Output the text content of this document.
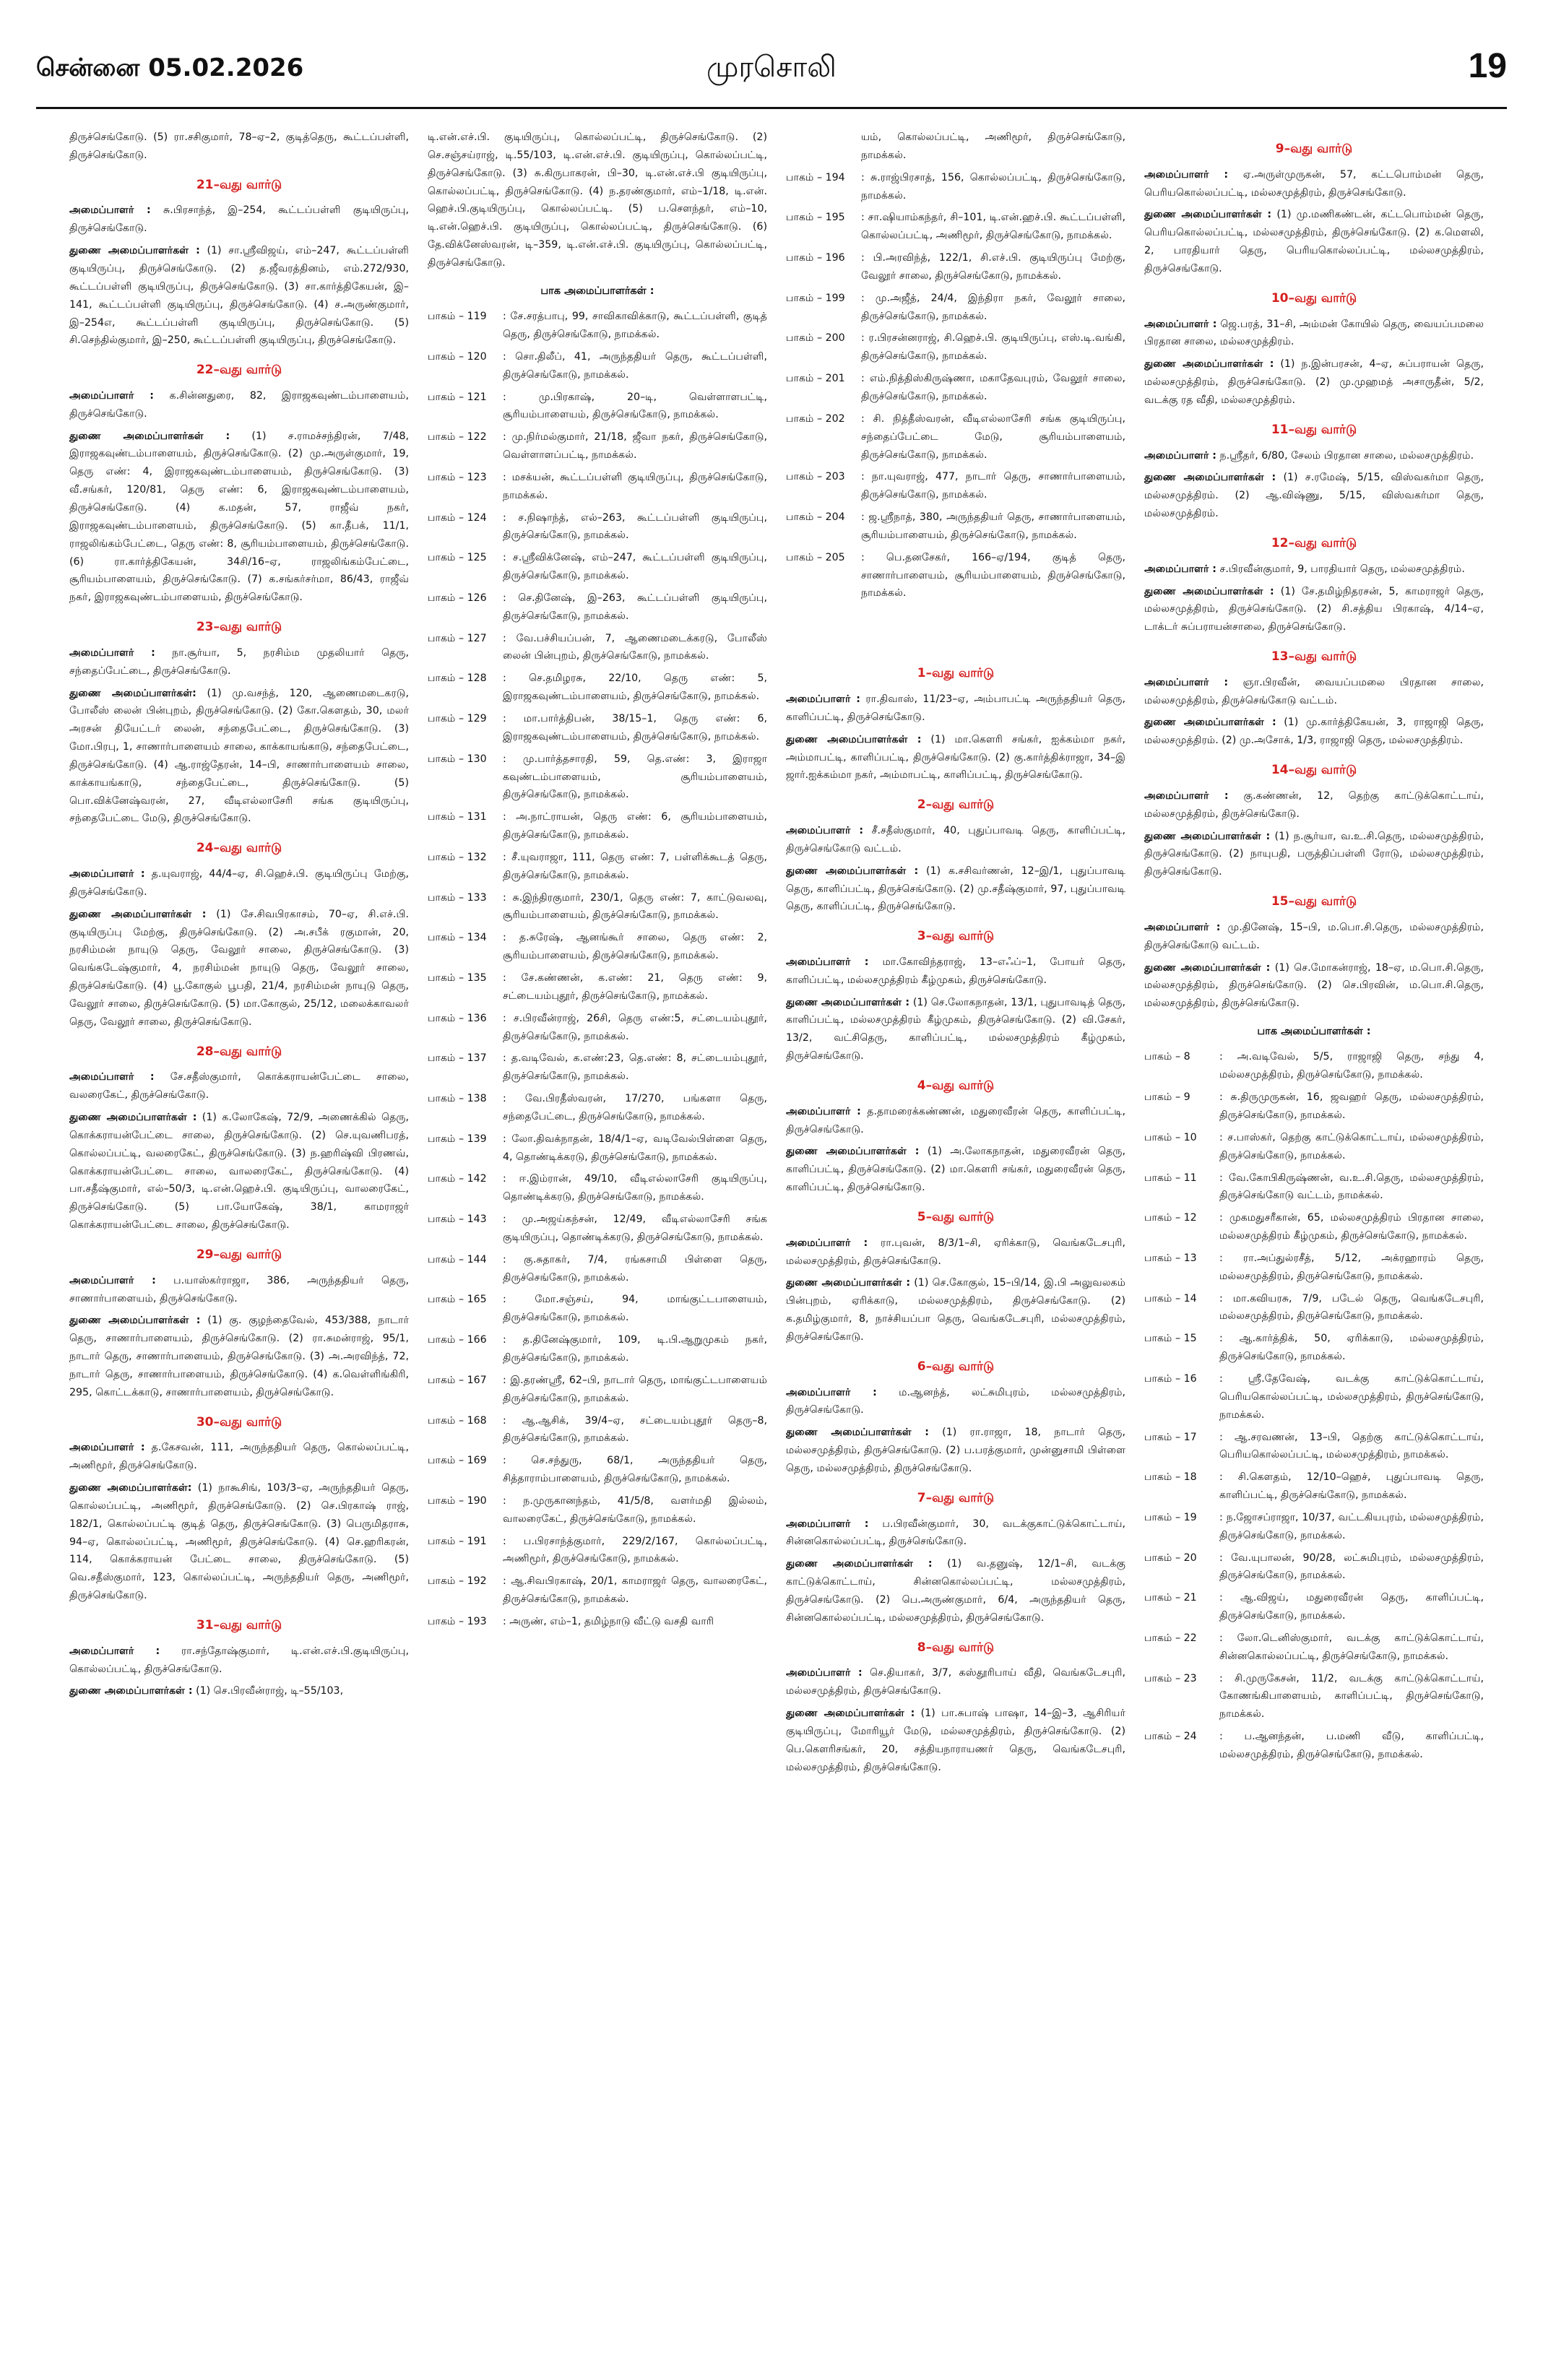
சென்னை 05.02.2026	முரசொலி	19

திருச்செங்கோடு. (5) ரா.சசிகுமார், 78–ஏ–2, குடித்தெரு, கூட்டப்பள்ளி, திருச்செங்கோடு.

21–வது வார்டு

அமைப்பாளர் : சு.பிரசாந்த், இ–254, கூட்டப்பள்ளி குடியிருப்பு, திருச்செங்கோடு.

துணை அமைப்பாளர்கள் : (1) சா.ஸ்ரீவிஜய், எம்–247, கூட்டப்பள்ளி குடியிருப்பு, திருச்செங்கோடு. (2) த.ஜீவரத்தினம், எம்.272/930, கூட்டப்பள்ளி குடியிருப்பு, திருச்செங்கோடு. (3) சா.கார்த்திகேயன், இ–141, கூட்டப்பள்ளி குடியிருப்பு, திருச்செங்கோடு. (4) ச.அருண்குமார், இ–254எ, கூட்டப்பள்ளி குடியிருப்பு, திருச்செங்கோடு. (5) சி.செந்தில்குமார், இ–250, கூட்டப்பள்ளி குடியிருப்பு, திருச்செங்கோடு.

22–வது வார்டு

அமைப்பாளர் : க.சின்னதுரை, 82, இராஜகவுண்டம்பாளையம், திருச்செங்கோடு.

துணை அமைப்பாளர்கள் : (1) ச.ராமச்சந்திரன், 7/48, இராஜகவுண்டம்பாளையம், திருச்செங்கோடு. (2) மு.அருள்குமார், 19, தெரு எண்: 4, இராஜகவுண்டம்பாளையம், திருச்செங்கோடு. (3) வீ.சங்கர், 120/81, தெரு எண்: 6, இராஜகவுண்டம்பாளையம், திருச்செங்கோடு. (4) க.மதன், 57, ராஜீவ் நகர், இராஜகவுண்டம்பாளையம், திருச்செங்கோடு. (5) கா.தீபக், 11/1, ராஜலிங்கம்பேட்டை, தெரு எண்: 8, சூரியம்பாளையம், திருச்செங்கோடு. (6) ரா.கார்த்திகேயன், 34சி/16–ஏ, ராஜலிங்கம்பேட்டை, சூரியம்பாளையம், திருச்செங்கோடு. (7) க.சங்கர்சர்மா, 86/43, ராஜீவ் நகர், இராஜகவுண்டம்பாளையம், திருச்செங்கோடு.

23–வது வார்டு

அமைப்பாளர் : நா.சூர்யா, 5, நரசிம்ம முதலியார் தெரு, சந்தைப்பேட்டை, திருச்செங்கோடு.

துணை அமைப்பாளர்கள்: (1) மு.வசந்த், 120, ஆணைமடைகரடு, போலீஸ் லைன் பின்புறம், திருச்செங்கோடு. (2) கோ.கௌதம், 30, மலர் அரசன் தியேட்டர் லைன், சந்தைபேட்டை, திருச்செங்கோடு. (3) மோ.பிரபு, 1, சாணார்பாளையம் சாலை, காக்காயங்காடு, சந்தைபேட்டை, திருச்செங்கோடு. (4) ஆ.ராஜ்தேரன், 14–பி, சாணார்பாளையம் சாலை, காக்காயங்காடு, சந்தைபேட்டை, திருச்செங்கோடு. (5) பொ.விக்னேஷ்வரன், 27, வீடிஎல்லாசேரி சங்க குடியிருப்பு, சந்தைபேட்டை மேடு, திருச்செங்கோடு.

24–வது வார்டு

அமைப்பாளர் : த.யுவராஜ், 44/4–ஏ, சி.ஹெச்.பி. குடியிருப்பு மேற்கு, திருச்செங்கோடு.

துணை அமைப்பாளர்கள் : (1) சே.சிவபிரகாசம், 70–ஏ, சி.எச்.பி. குடியிருப்பு மேற்கு, திருச்செங்கோடு. (2) அ.சபீக் ரகுமான், 20, நரசிம்மன் நாயுடு தெரு, வேலூர் சாலை, திருச்செங்கோடு. (3) வெங்கடேஷ்குமார், 4, நரசிம்மன் நாயுடு தெரு, வேலூர் சாலை, திருச்செங்கோடு. (4) பூ.கோகுல் பூபதி, 21/4, நரசிம்மன் நாயுடு தெரு, வேலூர் சாலை, திருச்செங்கோடு. (5) மா.கோகுல், 25/12, மலைக்காவலர் தெரு, வேலூர் சாலை, திருச்செங்கோடு.

28–வது வார்டு

அமைப்பாளர் : சே.சதீஸ்குமார், கொக்கராயன்பேட்டை சாலை, வலரைகேட், திருச்செங்கோடு.

துணை அமைப்பாளர்கள் : (1) க.லோகேஷ், 72/9, அணைக்கில் தெரு, கொக்கராயன்பேட்டை சாலை, திருச்செங்கோடு. (2) செ.யுவணிபரத், கொல்லப்பட்டி, வலரைகேட், திருச்செங்கோடு. (3) ந.ஹரிஷ்வி பிரணவ், கொக்கராயன்பேட்டை சாலை, வாலரைகேட், திருச்செங்கோடு. (4) பா.சதீஷ்குமார், எல்–50/3, டி.என்.ஹெச்.பி. குடியிருப்பு, வாலரைகேட், திருச்செங்கோடு. (5) பா.யோகேஷ், 38/1, காமராஜர் கொக்கராயன்பேட்டை சாலை, திருச்செங்கோடு.

29–வது வார்டு

அமைப்பாளர் : ப.யாஸ்கர்ராஜா, 386, அருந்ததியர் தெரு, சாணார்பாளையம், திருச்செங்கோடு.

துணை அமைப்பாளர்கள் : (1) கு. குழந்தைவேல், 453/388, நாடார் தெரு, சாணார்பாளையம், திருச்செங்கோடு. (2) ரா.சுமன்ராஜ், 95/1, நாடார் தெரு, சாணார்பாளையம், திருச்செங்கோடு. (3) அ.அரவிந்த், 72, நாடார் தெரு, சாணார்பாளையம், திருச்செங்கோடு. (4) க.வெள்ளிங்கிரி, 295, கொட்டக்காடு, சாணார்பாளையம், திருச்செங்கோடு.

30–வது வார்டு

அமைப்பாளர் : த.கேசவன், 111, அருந்ததியர் தெரு, கொல்லப்பட்டி, அணிமூர், திருச்செங்கோடு.

துணை அமைப்பாளர்கள்: (1) நாகூசிங், 103/3–ஏ, அருந்ததியர் தெரு, கொல்லப்பட்டி, அணிமூர், திருச்செங்கோடு. (2) செ.பிரகாஷ் ராஜ், 182/1, கொல்லப்பட்டி குடித் தெரு, திருச்செங்கோடு. (3) பெருமிதராசு, 94–ஏ, கொல்லப்பட்டி, அணிமூர், திருச்செங்கோடு. (4) செ.ஹரிகரன், 114, கொக்கராயன் பேட்டை சாலை, திருச்செங்கோடு. (5) வெ.சதீஸ்குமார், 123, கொல்லப்பட்டி, அருந்ததியர் தெரு, அணிமூர், திருச்செங்கோடு.

31–வது வார்டு

அமைப்பாளர் : ரா.சந்தோஷ்குமார், டி.என்.எச்.பி.குடியிருப்பு, கொல்லப்பட்டி, திருச்செங்கோடு.

துணை அமைப்பாளர்கள் : (1) செ.பிரவீன்ராஜ், டி–55/103,

டி.என்.எச்.பி. குடியிருப்பு, கொல்லப்பட்டி, திருச்செங்கோடு. (2) செ.சஞ்சய்ராஜ், டி.55/103, டி.என்.எச்.பி. குடியிருப்பு, கொல்லப்பட்டி, திருச்செங்கோடு. (3) சு.கிருபாகரன், பி–30, டி.என்.எச்.பி குடியிருப்பு, கொல்லப்பட்டி, திருச்செங்கோடு. (4) ந.தரண்குமார், எம்–1/18, டி.என். ஹெச்.பி.குடியிருப்பு, கொல்லப்பட்டி. (5) ப.சௌந்தர், எம்–10, டி.என்.ஹெச்.பி. குடியிருப்பு, கொல்லப்பட்டி, திருச்செங்கோடு. (6) தே.விக்னேஸ்வரன், டி–359, டி.என்.எச்.பி. குடியிருப்பு, கொல்லப்பட்டி, திருச்செங்கோடு.

பாக அமைப்பாளர்கள் :
பாகம் – 119	: சே.சரத்பாபு, 99, சாவிகாவிக்காடு, கூட்டப்பள்ளி, குடித் தெரு, திருச்செங்கோடு, நாமக்கல்.
பாகம் – 120	: சொ.திலீப், 41, அருந்ததியர் தெரு, கூட்டப்பள்ளி, திருச்செங்கோடு, நாமக்கல்.
பாகம் – 121	: மு.பிரகாஷ், 20–டி, வெள்ளாளபட்டி, சூரியம்பாளையம், திருச்செங்கோடு, நாமக்கல்.
பாகம் – 122	: மு.நிர்மல்குமார், 21/18, ஜீவா நகர், திருச்செங்கோடு, வெள்ளாளப்பட்டி, நாமக்கல்.
பாகம் – 123	: மசக்யன், கூட்டப்பள்ளி குடியிருப்பு, திருச்செங்கோடு, நாமக்கல்.
பாகம் – 124	: ச.நிஷாந்த், எல்–263, கூட்டப்பள்ளி குடியிருப்பு, திருச்செங்கோடு, நாமக்கல்.
பாகம் – 125	: ச.ஸ்ரீவிக்னேஷ், எம்–247, கூட்டப்பள்ளி குடியிருப்பு, திருச்செங்கோடு, நாமக்கல்.
பாகம் – 126	: செ.தினேஷ், இ–263, கூட்டப்பள்ளி குடியிருப்பு, திருச்செங்கோடு, நாமக்கல்.
பாகம் – 127	: வே.பச்சியப்பன், 7, ஆணைமடைக்கரடு, போலீஸ் லைன் பின்புறம், திருச்செங்கோடு, நாமக்கல்.
பாகம் – 128	: செ.தமிழரசு, 22/10, தெரு எண்: 5, இராஜகவுண்டம்பாளையம், திருச்செங்கோடு, நாமக்கல்.
பாகம் – 129	: மா.பார்த்திபன், 38/15–1, தெரு எண்: 6, இராஜகவுண்டம்பாளையம், திருச்செங்கோடு, நாமக்கல்.
பாகம் – 130	: மு.பார்த்தசாரதி, 59, தெ.எண்: 3, இராஜா கவுண்டம்பாளையம், சூரியம்பாளையம், திருச்செங்கோடு, நாமக்கல்.
பாகம் – 131	: அ.நாட்ராயன், தெரு எண்: 6, சூரியம்பாளையம், திருச்செங்கோடு, நாமக்கல்.
பாகம் – 132	: சீ.யுவராஜா, 111, தெரு எண்: 7, பள்ளிக்கூடத் தெரு, திருச்செங்கோடு, நாமக்கல்.
பாகம் – 133	: சு.இந்திரகுமார், 230/1, தெரு எண்: 7, காட்டுவலவு, சூரியம்பாளையம், திருச்செங்கோடு, நாமக்கல்.
பாகம் – 134	: த.சுரேஷ், ஆனங்கூர் சாலை, தெரு எண்: 2, சூரியம்பாளையம், திருச்செங்கோடு, நாமக்கல்.
பாகம் – 135	: சே.கண்ணன், க.எண்: 21, தெரு எண்: 9, சட்டையம்புதூர், திருச்செங்கோடு, நாமக்கல்.
பாகம் – 136	: ச.பிரவீன்ராஜ், 26சி, தெரு எண்:5, சட்டையம்புதூர், திருச்செங்கோடு, நாமக்கல்.
பாகம் – 137	: த.வடிவேல், க.எண்:23, தெ.எண்: 8, சட்டையம்புதூர், திருச்செங்கோடு, நாமக்கல்.
பாகம் – 138	: வே.பிரதீஸ்வரன், 17/270, பங்களா தெரு, சந்தைபேட்டை, திருச்செங்கோடு, நாமக்கல்.
பாகம் – 139	: லோ.திவக்நாதன், 18/4/1–ஏ, வடிவேல்பிள்ளை தெரு, 4, தொண்டிக்கரடு, திருச்செங்கோடு, நாமக்கல்.
பாகம் – 142	: ஈ.இம்ரான், 49/10, வீடிஎல்லாசேரி குடியிருப்பு, தொண்டிக்கரடு, திருச்செங்கோடு, நாமக்கல்.
பாகம் – 143	: மு.அஜய்கந்சன், 12/49, வீடிஎல்லாசேரி சங்க குடியிருப்பு, தொண்டிக்கரடு, திருச்செங்கோடு, நாமக்கல்.
பாகம் – 144	: கு.சுதாகர், 7/4, ரங்கசாமி பிள்ளை தெரு, திருச்செங்கோடு, நாமக்கல்.
பாகம் – 165	: மோ.சஞ்சய், 94, மாங்குட்டபாளையம், திருச்செங்கோடு, நாமக்கல்.
பாகம் – 166	: த.தினேஷ்குமார், 109, டி.பி.ஆறுமுகம் நகர், திருச்செங்கோடு, நாமக்கல்.
பாகம் – 167	: இ.தரண்ஸ்ரீ, 62–பி, நாடார் தெரு, மாங்குட்டபாளையம் திருச்செங்கோடு, நாமக்கல்.
பாகம் – 168	: ஆ.ஆசிக், 39/4–ஏ, சட்டையம்புதூர் தெரு–8, திருச்செங்கோடு, நாமக்கல்.
பாகம் – 169	: செ.சந்துரு, 68/1, அருந்ததியர் தெரு, சித்தாராம்பாளையம், திருச்செங்கோடு, நாமக்கல்.
பாகம் – 190	: ந.முருகானந்தம், 41/5/8, வளர்மதி இல்லம், வாலரைகேட், திருச்செங்கோடு, நாமக்கல்.
பாகம் – 191	: ப.பிரசாந்த்குமார், 229/2/167, கொல்லப்பட்டி, அணிமூர், திருச்செங்கோடு, நாமக்கல்.
பாகம் – 192	: ஆ.சிவபிரகாஷ், 20/1, காமராஜர் தெரு, வாலரைகேட், திருச்செங்கோடு, நாமக்கல்.
பாகம் – 193	: அருண், எம்–1, தமிழ்நாடு வீட்டு வசதி வாரி
யம், கொல்லப்பட்டி, அணிமூர், திருச்செங்கோடு, நாமக்கல்.
பாகம் – 194	: சு.ராஜ்பிரசாத், 156, கொல்லப்பட்டி, திருச்செங்கோடு, நாமக்கல்.
பாகம் – 195	: சா.ஷியாம்கந்தர், சி–101, டி.என்.ஹச்.பி. கூட்டப்பள்ளி, கொல்லப்பட்டி, அணிமூர், திருச்செங்கோடு, நாமக்கல்.
பாகம் – 196	: பி.அரவிந்த், 122/1, சி.எச்.பி. குடியிருப்பு மேற்கு, வேலூர் சாலை, திருச்செங்கோடு, நாமக்கல்.
பாகம் – 199	: மு.அஜீத், 24/4, இந்திரா நகர், வேலூர் சாலை, திருச்செங்கோடு, நாமக்கல்.
பாகம் – 200	: ர.பிரசன்னராஜ், சி.ஹெச்.பி. குடியிருப்பு, எஸ்.டி.வங்கி, திருச்செங்கோடு, நாமக்கல்.
பாகம் – 201	: எம்.நித்திஸ்கிருஷ்ணா, மகாதேவபுரம், வேலூர் சாலை, திருச்செங்கோடு, நாமக்கல்.
பாகம் – 202	: சி. நித்தீஸ்வரன், வீடிஎல்லாசேரி சங்க குடியிருப்பு, சந்தைப்பேட்டை மேடு, சூரியம்பாளையம், திருச்செங்கோடு, நாமக்கல்.
பாகம் – 203	: நா.யுவராஜ், 477, நாடார் தெரு, சாணார்பாளையம், திருச்செங்கோடு, நாமக்கல்.
பாகம் – 204	: ஜ.ஸ்ரீநாத், 380, அருந்ததியர் தெரு, சாணார்பாளையம், சூரியம்பாளையம், திருச்செங்கோடு, நாமக்கல்.
பாகம் – 205	: பெ.தனசேகர், 166–ஏ/194, குடித் தெரு, சாணார்பாளையம், சூரியம்பாளையம், திருச்செங்கோடு, நாமக்கல்.
1–வது வார்டு

அமைப்பாளர் : ரா.திவாஸ், 11/23–ஏ, அம்பாபட்டி அருந்ததியர் தெரு, காளிப்பட்டி, திருச்செங்கோடு.

துணை அமைப்பாளர்கள் : (1) மா.கௌரி சங்கர், ஐக்கம்மா நகர், அம்மாபட்டி, காளிப்பட்டி, திருச்செங்கோடு. (2) கு.கார்த்திக்ராஜா, 34–இ ஜார்.ஐக்கம்மா நகர், அம்மாபட்டி, காளிப்பட்டி, திருச்செங்கோடு.

2–வது வார்டு

அமைப்பாளர் : சீ.சதீஸ்குமார், 40, புதுப்பாவடி தெரு, காளிப்பட்டி, திருச்செங்கோடு வட்டம்.

துணை அமைப்பாளர்கள் : (1) க.சசிவர்ணன், 12–இ/1, புதுப்பாவடி தெரு, காளிப்பட்டி, திருச்செங்கோடு. (2) மு.சதீஷ்குமார், 97, புதுப்பாவடி தெரு, காளிப்பட்டி, திருச்செங்கோடு.

3–வது வார்டு

அமைப்பாளர் : மா.கோவிந்தராஜ், 13–எஃப்–1, போயர் தெரு, காளிப்பட்டி, மல்லசமுத்திரம் கீழ்முகம், திருச்செங்கோடு.

துணை அமைப்பாளர்கள் : (1) செ.லோகநாதன், 13/1, புதுபாவடித் தெரு, காளிப்பட்டி, மல்லசமுத்திரம் கீழ்முகம், திருச்செங்கோடு. (2) வி.சேகர், 13/2, வட்சிதெரு, காளிப்பட்டி, மல்லசமுத்திரம் கீழ்முகம், திருச்செங்கோடு.

4–வது வார்டு

அமைப்பாளர் : த.தாமரைக்கண்ணன், மதுரைவீரன் தெரு, காளிப்பட்டி, திருச்செங்கோடு.

துணை அமைப்பாளர்கள் : (1) அ.லோகநாதன், மதுரைவீரன் தெரு, காளிப்பட்டி, திருச்செங்கோடு. (2) மா.கௌரி சங்கர், மதுரைவீரன் தெரு, காளிப்பட்டி, திருச்செங்கோடு.

5–வது வார்டு

அமைப்பாளர் : ரா.புவன், 8/3/1–சி, ஏரிக்காடு, வெங்கடேசபுரி, மல்லசமுத்திரம், திருச்செங்கோடு.

துணை அமைப்பாளர்கள் : (1) செ.கோகுல், 15–பி/14, இ.பி அலுவலகம் பின்புறம், ஏரிக்காடு, மல்லசமுத்திரம், திருச்செங்கோடு. (2) க.தமிழ்குமார், 8, நாச்சியப்பா தெரு, வெங்கடேசபுரி, மல்லசமுத்திரம், திருச்செங்கோடு.

6–வது வார்டு

அமைப்பாளர் : ம.ஆனந்த், லட்சுமிபுரம், மல்லசமுத்திரம், திருச்செங்கோடு.

துணை அமைப்பாளர்கள் : (1) ரா.ராஜா, 18, நாடார் தெரு, மல்லசமுத்திரம், திருச்செங்கோடு. (2) ப.பரத்குமார், முன்னுசாமி பிள்ளை தெரு, மல்லசமுத்திரம், திருச்செங்கோடு.

7–வது வார்டு

அமைப்பாளர் : ப.பிரவீன்குமார், 30, வடக்குகாட்டுக்கொட்டாய், சின்னகொல்லப்பட்டி, திருச்செங்கோடு.

துணை அமைப்பாளர்கள் : (1) வ.தனுஷ், 12/1–சி, வடக்கு காட்டுக்கொட்டாய், சின்னகொல்லப்பட்டி, மல்லசமுத்திரம், திருச்செங்கோடு. (2) பெ.அருண்குமார், 6/4, அருந்ததியர் தெரு, சின்னகொல்லப்பட்டி, மல்லசமுத்திரம், திருச்செங்கோடு.

8–வது வார்டு

அமைப்பாளர் : செ.தியாகர், 3/7, கஸ்தூரிபாய் வீதி, வெங்கடேசபுரி, மல்லசமுத்திரம், திருச்செங்கோடு.

துணை அமைப்பாளர்கள் : (1) பா.சுபாஷ் பாஷா, 14–இ–3, ஆசிரியர் குடியிருப்பு, மோரியூர் மேடு, மல்லசமுத்திரம், திருச்செங்கோடு. (2) பெ.கௌரிசங்கர், 20, சத்தியநாராயணர் தெரு, வெங்கடேசபுரி, மல்லசமுத்திரம், திருச்செங்கோடு.

9–வது வார்டு

அமைப்பாளர் : ஏ.அருள்முருகன், 57, கட்டபொம்மன் தெரு, பெரியகொல்லப்பட்டி, மல்லசமுத்திரம், திருச்செங்கோடு.

துணை அமைப்பாளர்கள் : (1) மு.மணிகண்டன், கட்டபொம்மன் தெரு, பெரியகொல்லப்பட்டி, மல்லசமுத்திரம், திருச்செங்கோடு. (2) க.மௌலி, 2, பாரதியார் தெரு, பெரியகொல்லப்பட்டி, மல்லசமுத்திரம், திருச்செங்கோடு.

10–வது வார்டு

அமைப்பாளர் : ஜெ.பரத், 31–சி, அம்மன் கோயில் தெரு, வையப்பமலை பிரதான சாலை, மல்லசமுத்திரம்.

துணை அமைப்பாளர்கள் : (1) ந.இன்பரசன், 4–ஏ, சுப்பராயன் தெரு, மல்லசமுத்திரம், திருச்செங்கோடு. (2) மு.முஹமத் அசாருதீன், 5/2, வடக்கு ரத வீதி, மல்லசமுத்திரம்.

11–வது வார்டு

அமைப்பாளர் : ந.ஸ்ரீதர், 6/80, சேலம் பிரதான சாலை, மல்லசமுத்திரம்.

துணை அமைப்பாளர்கள் : (1) ச.ரமேஷ், 5/15, விஸ்வகர்மா தெரு, மல்லசமுத்திரம். (2) ஆ.விஷ்ணு, 5/15, விஸ்வகர்மா தெரு, மல்லசமுத்திரம்.

12–வது வார்டு

அமைப்பாளர் : ச.பிரவீன்குமார், 9, பாரதியார் தெரு, மல்லசமுத்திரம்.

துணை அமைப்பாளர்கள் : (1) சே.தமிழ்நிதரசன், 5, காமராஜர் தெரு, மல்லசமுத்திரம், திருச்செங்கோடு. (2) சி.சத்திய பிரகாஷ், 4/14–ஏ, டாக்டர் சுப்பராயன்சாலை, திருச்செங்கோடு.

13–வது வார்டு

அமைப்பாளர் : ஞா.பிரவீன், வையப்பமலை பிரதான சாலை, மல்லசமுத்திரம், திருச்செங்கோடு வட்டம்.

துணை அமைப்பாளர்கள் : (1) மு.கார்த்திகேயன், 3, ராஜாஜி தெரு, மல்லசமுத்திரம். (2) மு.அசோக், 1/3, ராஜாஜி தெரு, மல்லசமுத்திரம்.

14–வது வார்டு

அமைப்பாளர் : கு.கண்ணன், 12, தெற்கு காட்டுக்கொட்டாய், மல்லசமுத்திரம், திருச்செங்கோடு.

துணை அமைப்பாளர்கள் : (1) ந.சூர்யா, வ.உ.சி.தெரு, மல்லசமுத்திரம், திருச்செங்கோடு. (2) நாயுபதி, பருத்திப்பள்ளி ரோடு, மல்லசமுத்திரம், திருச்செங்கோடு.

15–வது வார்டு

அமைப்பாளர் : மு.தினேஷ், 15–பி, ம.பொ.சி.தெரு, மல்லசமுத்திரம், திருச்செங்கோடு வட்டம்.

துணை அமைப்பாளர்கள் : (1) செ.மோகன்ராஜ், 18–ஏ, ம.பொ.சி.தெரு, மல்லசமுத்திரம், திருச்செங்கோடு. (2) செ.பிரவின், ம.பொ.சி.தெரு, மல்லசமுத்திரம், திருச்செங்கோடு.

பாக அமைப்பாளர்கள் :
பாகம் – 8	: அ.வடிவேல், 5/5, ராஜாஜி தெரு, சந்து 4, மல்லசமுத்திரம், திருச்செங்கோடு, நாமக்கல்.
பாகம் – 9	: சு.திருமுருகன், 16, ஜவஹர் தெரு, மல்லசமுத்திரம், திருச்செங்கோடு, நாமக்கல்.
பாகம் – 10	: ச.பாஸ்கர், தெற்கு காட்டுக்கொட்டாய், மல்லசமுத்திரம், திருச்செங்கோடு, நாமக்கல்.
பாகம் – 11	: வே.கோபிகிருஷ்ணன், வ.உ.சி.தெரு, மல்லசமுத்திரம், திருச்செங்கோடு வட்டம், நாமக்கல்.
பாகம் – 12	: முகமதுசரீகான், 65, மல்லசமுத்திரம் பிரதான சாலை, மல்லசமுத்திரம் கீழ்முகம், திருச்செங்கோடு, நாமக்கல்.
பாகம் – 13	: ரா.அப்துல்ரசீத், 5/12, அக்ரஹாரம் தெரு, மல்லசமுத்திரம், திருச்செங்கோடு, நாமக்கல்.
பாகம் – 14	: மா.கவியரசு, 7/9, படேல் தெரு, வெங்கடேசபுரி, மல்லசமுத்திரம், திருச்செங்கோடு, நாமக்கல்.
பாகம் – 15	: ஆ.கார்த்திக், 50, ஏரிக்காடு, மல்லசமுத்திரம், திருச்செங்கோடு, நாமக்கல்.
பாகம் – 16	: ஸ்ரீ.தேவேஷ், வடக்கு காட்டுக்கொட்டாய், பெரியகொல்லப்பட்டி, மல்லசமுத்திரம், திருச்செங்கோடு, நாமக்கல்.
பாகம் – 17	: ஆ.சரவணன், 13–பி, தெற்கு காட்டுக்கொட்டாய், பெரியகொல்லப்பட்டி, மல்லசமுத்திரம், நாமக்கல்.
பாகம் – 18	: சி.கௌதம், 12/10–ஹெச், புதுப்பாவடி தெரு, காளிப்பட்டி, திருச்செங்கோடு, நாமக்கல்.
பாகம் – 19	: ந.ஜோசப்ராஜா, 10/37, வட்டகியபுரம், மல்லசமுத்திரம், திருச்செங்கோடு, நாமக்கல்.
பாகம் – 20	: வே.யுபாலன், 90/28, லட்சுமிபுரம், மல்லசமுத்திரம், திருச்செங்கோடு, நாமக்கல்.
பாகம் – 21	: ஆ.விஜய், மதுரைவீரன் தெரு, காளிப்பட்டி, திருச்செங்கோடு, நாமக்கல்.
பாகம் – 22	: லோ.டெனிஸ்குமார், வடக்கு காட்டுக்கொட்டாய், சின்னகொல்லப்பட்டி, திருச்செங்கோடு, நாமக்கல்.
பாகம் – 23	: சி.முருகேசன், 11/2, வடக்கு காட்டுக்கொட்டாய், கோணங்கிபாளையம், காளிப்பட்டி, திருச்செங்கோடு, நாமக்கல்.
பாகம் – 24	: ப.ஆனந்தன், ப.மணி வீடு, காளிப்பட்டி, மல்லசமுத்திரம், திருச்செங்கோடு, நாமக்கல்.
